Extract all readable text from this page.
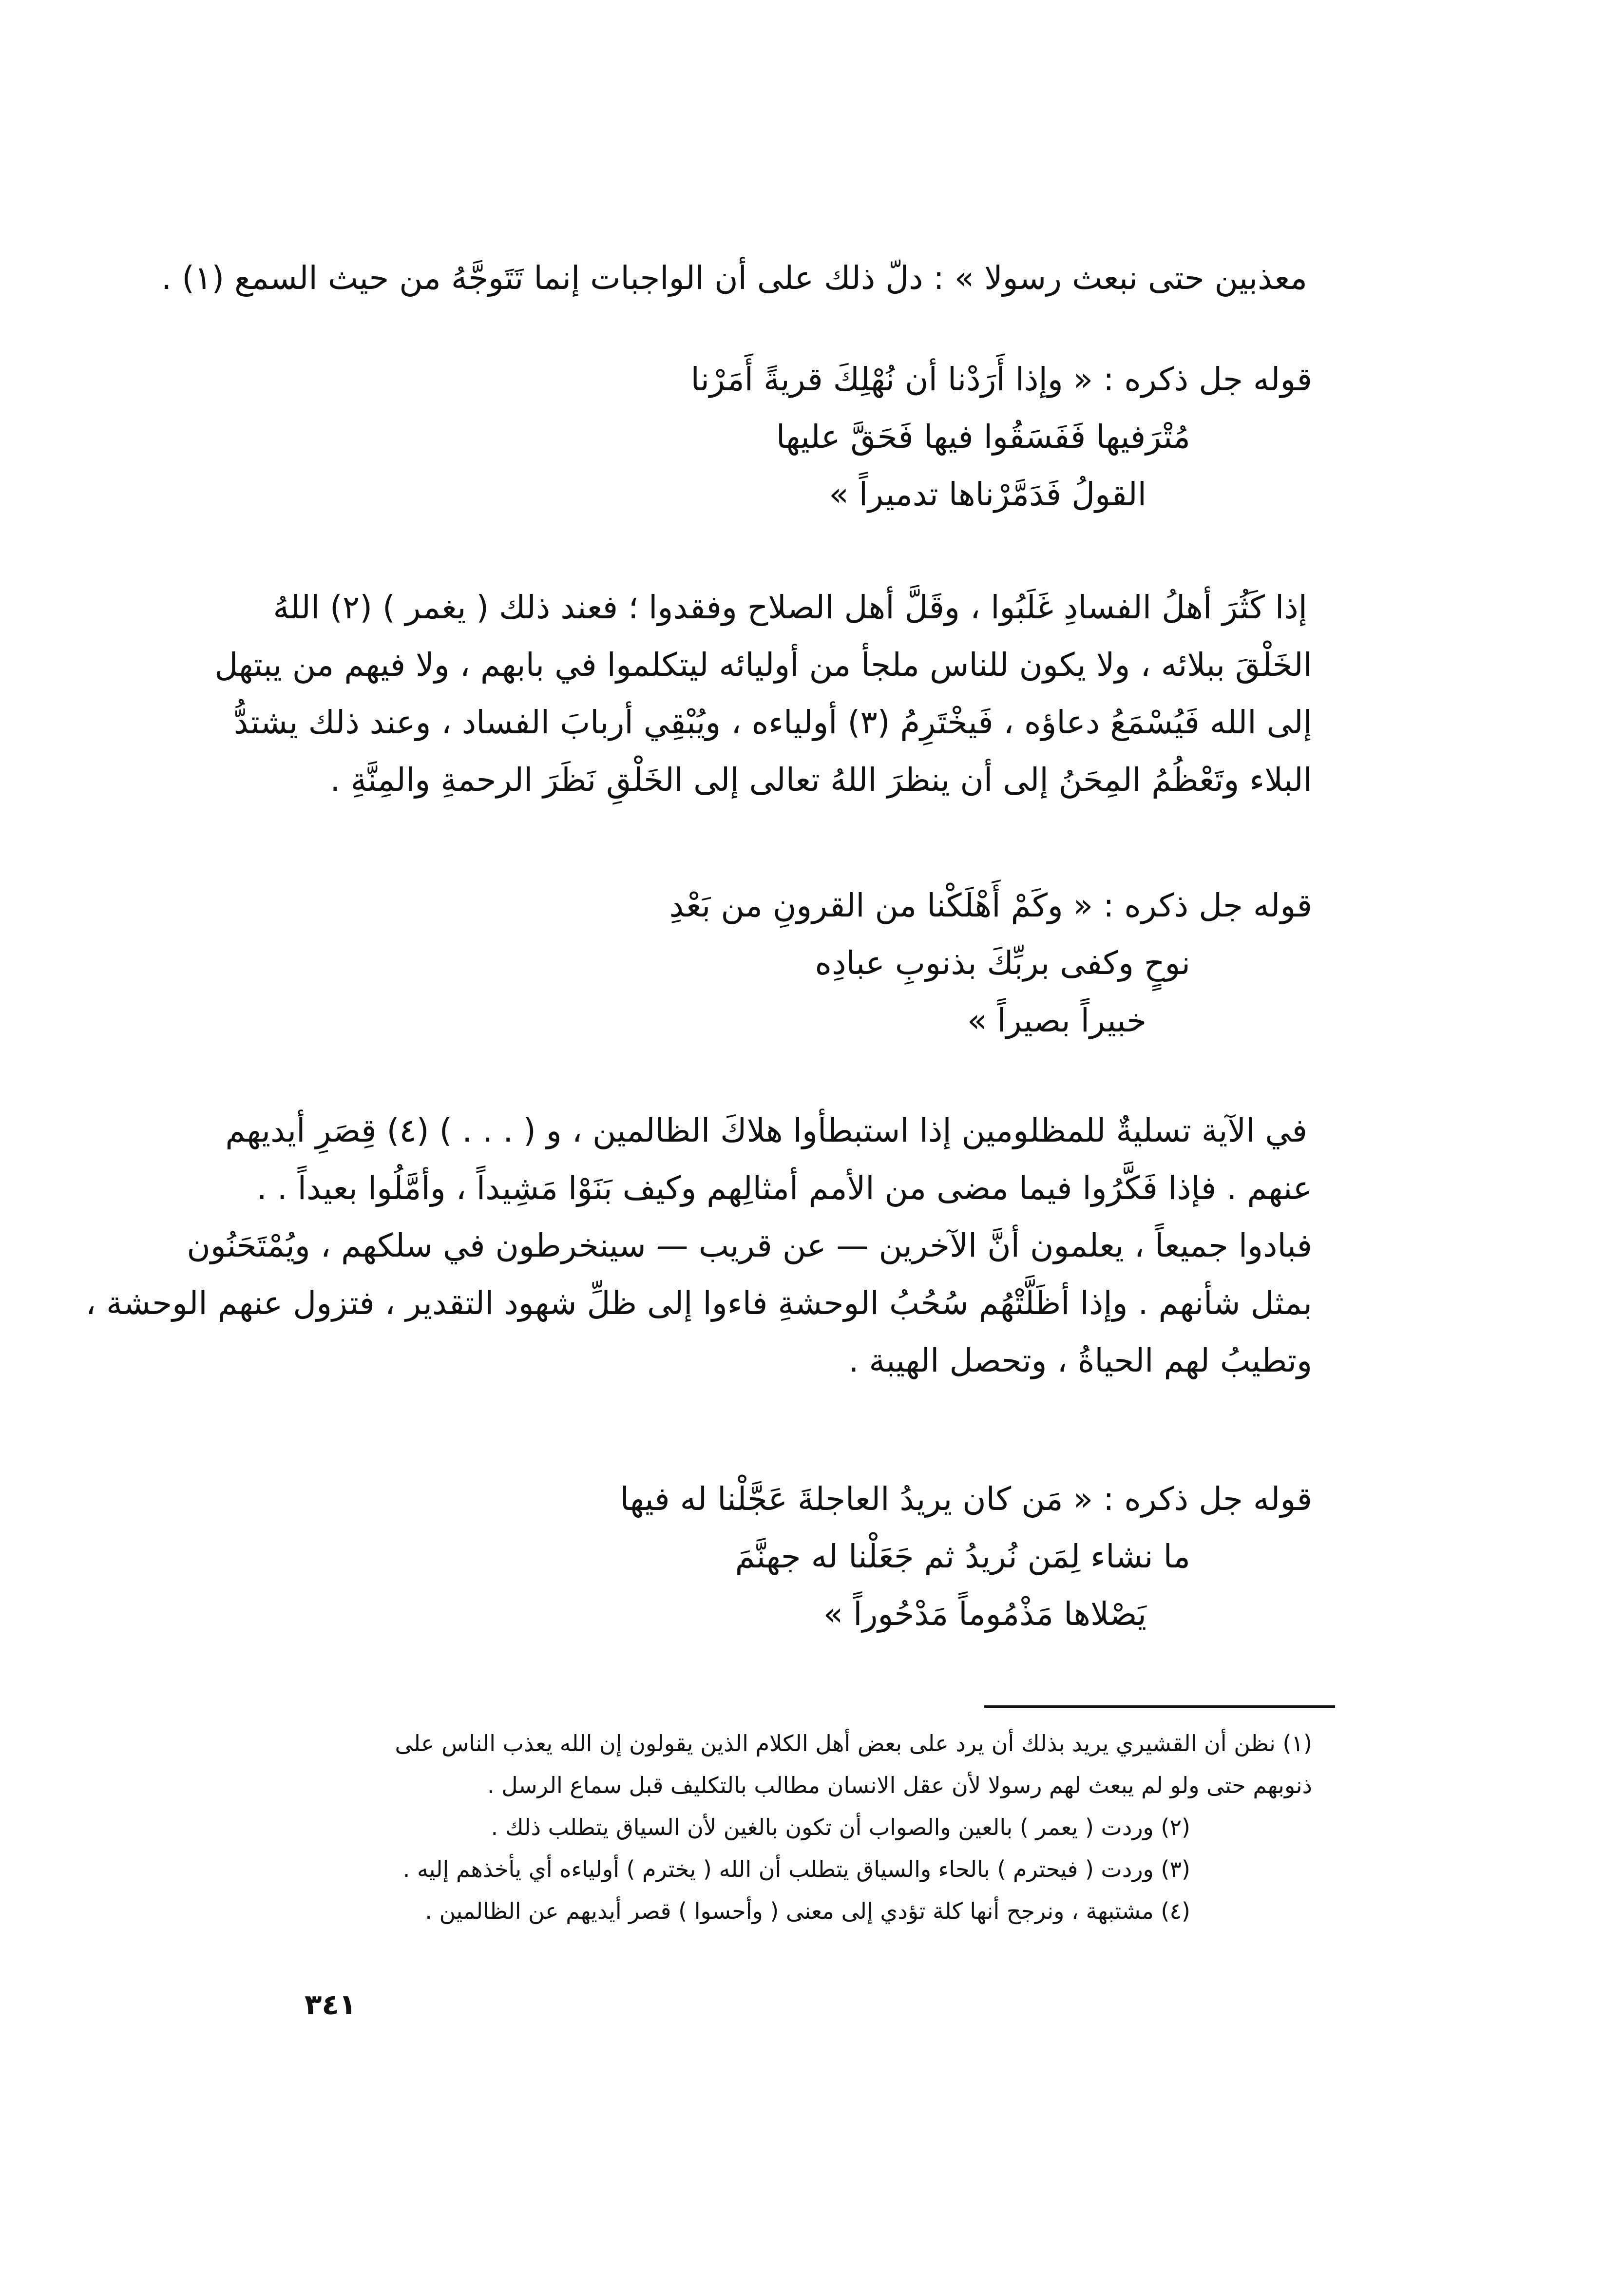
معذبين حتى نبعث رسولا » : دلّ ذلك على أن الواجبات إنما تَتَوجَّهُ من حيث السمع (١) .
قوله جل ذكره : « وإذا أَرَدْنا أن نُهْلِكَ قريةً أَمَرْنا
مُتْرَفيها فَفَسَقُوا فيها فَحَقَّ عليها
القولُ فَدَمَّرْناها تدميراً »
إذا كَثُرَ أهلُ الفسادِ غَلَبُوا ، وقَلَّ أهل الصلاح وفقدوا ؛ فعند ذلك ( يغمر ) (٢) اللهُ
الخَلْقَ ببلائه ، ولا يكون للناس ملجأ من أوليائه ليتكلموا في بابهم ، ولا فيهم من يبتهل
إلى الله فَيُسْمَعُ دعاؤه ، فَيخْتَرِمُ (٣) أولياءه ، ويُبْقِي أربابَ الفساد ، وعند ذلك يشتدُّ
البلاء وتَعْظُمُ المِحَنُ إلى أن ينظرَ اللهُ تعالى إلى الخَلْقِ نَظَرَ الرحمةِ والمِنَّةِ .
قوله جل ذكره : « وكَمْ أَهْلَكْنا من القرونِ من بَعْدِ
نوحٍ وكفى بربِّكَ بذنوبِ عبادِه
خبيراً بصيراً »
في الآية تسليةٌ للمظلومين إذا استبطأوا هلاكَ الظالمين ، و ( . . . ) (٤) قِصَرِ أيديهم
عنهم . فإذا فَكَّرُوا فيما مضى من الأمم أمثالِهم وكيف بَنَوْا مَشِيداً ، وأمَّلُوا بعيداً . .
فبادوا جميعاً ، يعلمون أنَّ الآخرين — عن قريب — سينخرطون في سلكهم ، ويُمْتَحَنُون
بمثل شأنهم . وإذا أظَلَّتْهُم سُحُبُ الوحشةِ فاءوا إلى ظلِّ شهود التقدير ، فتزول عنهم الوحشة ،
وتطيبُ لهم الحياةُ ، وتحصل الهيبة .
قوله جل ذكره : « مَن كان يريدُ العاجلةَ عَجَّلْنا له فيها
ما نشاء لِمَن نُريدُ ثم جَعَلْنا له جهنَّمَ
يَصْلاها مَذْمُوماً مَدْحُوراً »
(١) نظن أن القشيري يريد بذلك أن يرد على بعض أهل الكلام الذين يقولون إن الله يعذب الناس على
ذنوبهم حتى ولو لم يبعث لهم رسولا لأن عقل الانسان مطالب بالتكليف قبل سماع الرسل .
(٢) وردت ( يعمر ) بالعين والصواب أن تكون بالغين لأن السياق يتطلب ذلك .
(٣) وردت ( فيحترم ) بالحاء والسياق يتطلب أن الله ( يخترم ) أولياءه أي يأخذهم إليه .
(٤) مشتبهة ، ونرجح أنها كلة تؤدي إلى معنى ( وأحسوا ) قصر أيديهم عن الظالمين .
٣٤١
